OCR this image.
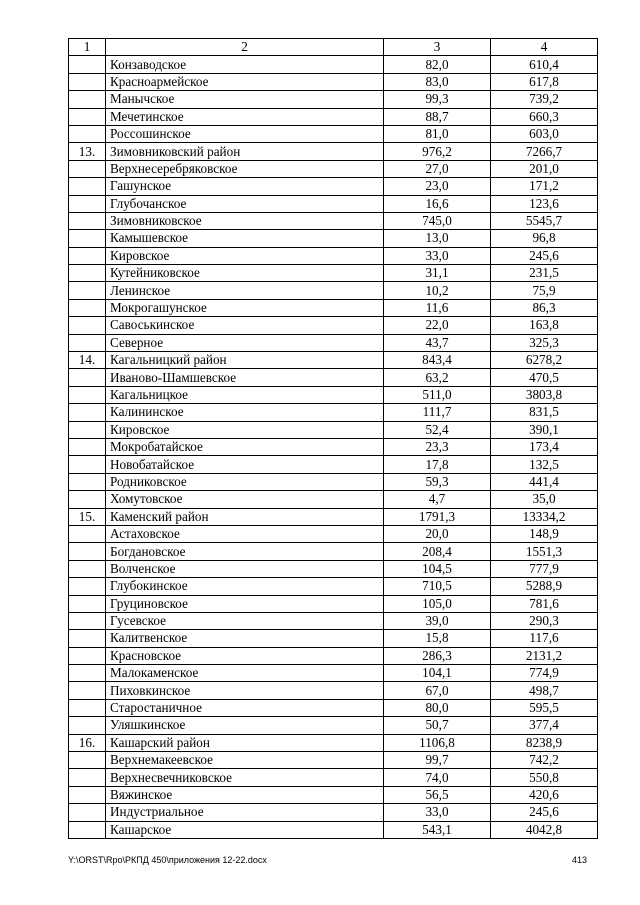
1	2	3	4
	Конзаводское	82,0	610,4
	Красноармейское	83,0	617,8
	Манычское	99,3	739,2
	Мечетинское	88,7	660,3
	Россошинское	81,0	603,0
13.	Зимовниковский район	976,2	7266,7
	Верхнесеребряковское	27,0	201,0
	Гашунское	23,0	171,2
	Глубочанское	16,6	123,6
	Зимовниковское	745,0	5545,7
	Камышевское	13,0	96,8
	Кировское	33,0	245,6
	Кутейниковское	31,1	231,5
	Ленинское	10,2	75,9
	Мокрогашунское	11,6	86,3
	Савоськинское	22,0	163,8
	Северное	43,7	325,3
14.	Кагальницкий район	843,4	6278,2
	Иваново-Шамшевское	63,2	470,5
	Кагальницкое	511,0	3803,8
	Калининское	111,7	831,5
	Кировское	52,4	390,1
	Мокробатайское	23,3	173,4
	Новобатайское	17,8	132,5
	Родниковское	59,3	441,4
	Хомутовское	4,7	35,0
15.	Каменский район	1791,3	13334,2
	Астаховское	20,0	148,9
	Богдановское	208,4	1551,3
	Волченское	104,5	777,9
	Глубокинское	710,5	5288,9
	Груциновское	105,0	781,6
	Гусевское	39,0	290,3
	Калитвенское	15,8	117,6
	Красновское	286,3	2131,2
	Малокаменское	104,1	774,9
	Пиховкинское	67,0	498,7
	Старостаничное	80,0	595,5
	Уляшкинское	50,7	377,4
16.	Кашарский район	1106,8	8238,9
	Верхнемакеевское	99,7	742,2
	Верхнесвечниковское	74,0	550,8
	Вяжинское	56,5	420,6
	Индустриальное	33,0	245,6
	Кашарское	543,1	4042,8
Y:\ORST\Rpo\РКПД 450\приложения 12-22.docx	413
